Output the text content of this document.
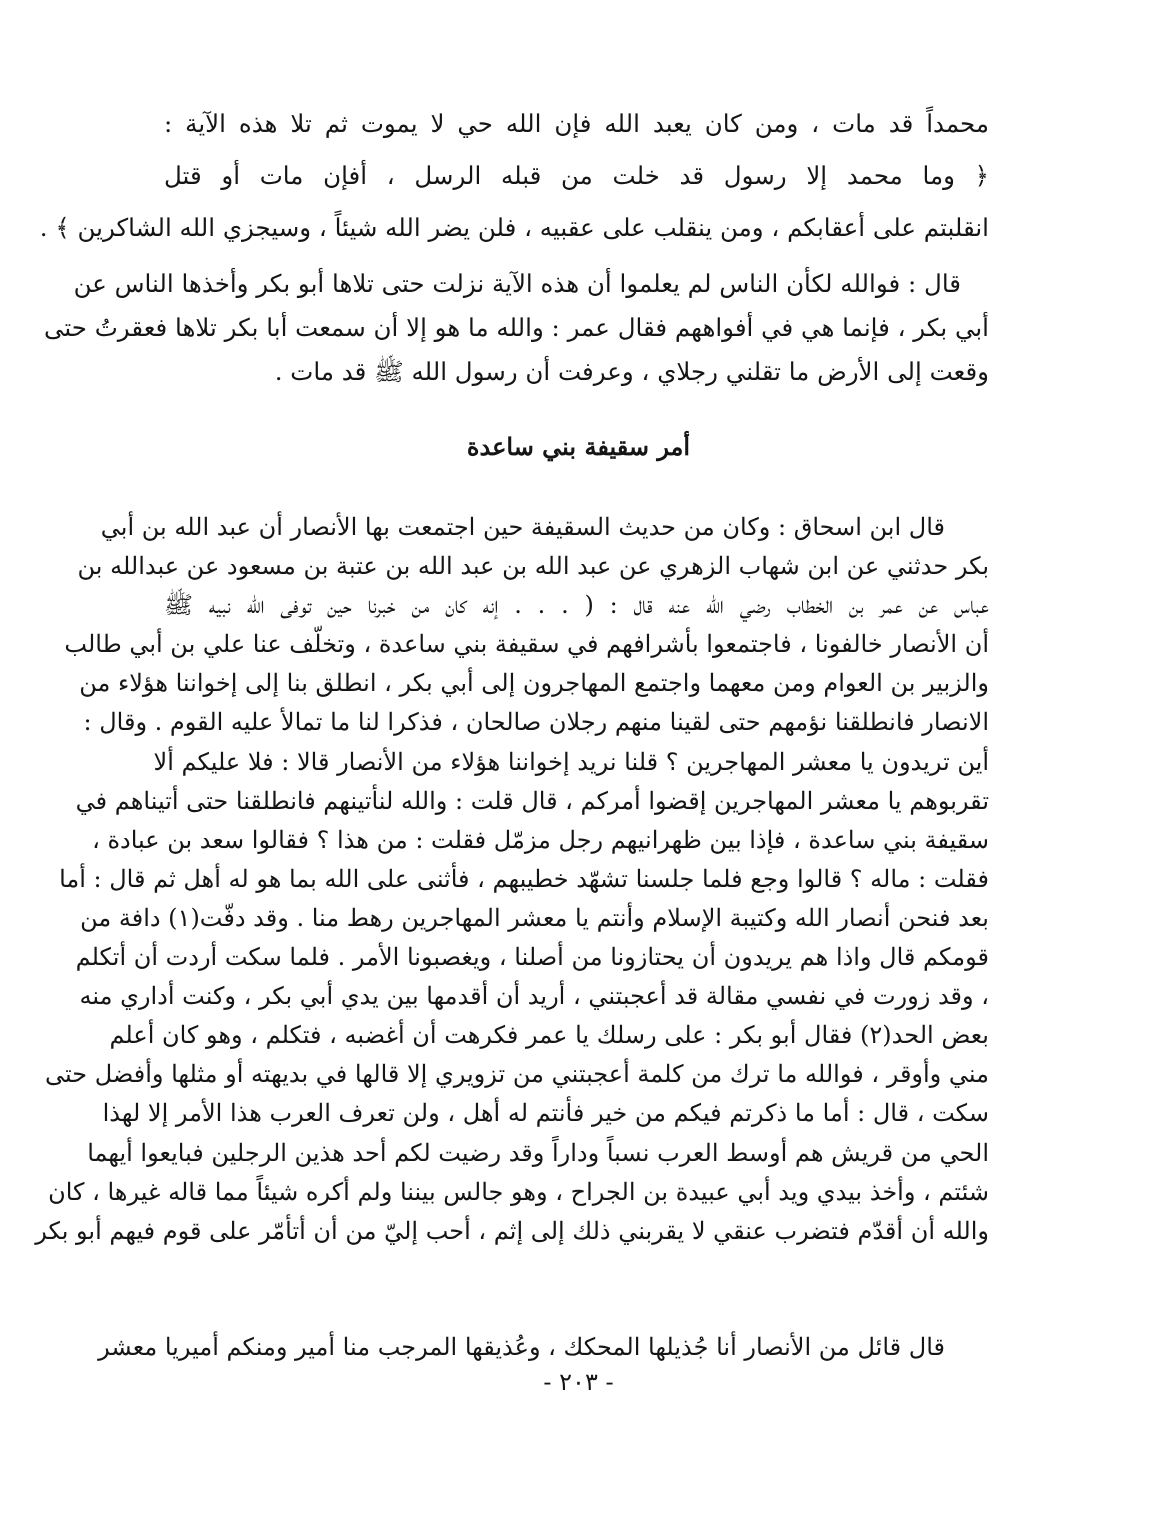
محمداً قد مات ، ومن كان يعبد الله فإن الله حي لا يموت ثم تلا هذه الآية :
﴿ وما محمد إلا رسول قد خلت من قبله الرسل ، أفإن مات أو قتل
انقلبتم على أعقابكم ، ومن ينقلب على عقبيه ، فلن يضر الله شيئاً ، وسيجزي الله الشاكرين ﴾ .
قال : فوالله لكأن الناس لم يعلموا أن هذه الآية نزلت حتى تلاها أبو بكر وأخذها الناس عن
أبي بكر ، فإنما هي في أفواههم فقال عمر : والله ما هو إلا أن سمعت أبا بكر تلاها فعقرتُ حتى
وقعت إلى الأرض ما تقلني رجلاي ، وعرفت أن رسول الله ﷺ قد مات .
أمر سقيفة بني ساعدة
قال ابن اسحاق : وكان من حديث السقيفة حين اجتمعت بها الأنصار أن عبد الله بن أبي
بكر حدثني عن ابن شهاب الزهري عن عبد الله بن عبد الله بن عتبة بن مسعود عن عبدالله بن
عباس عن عمر بن الخطاب رضي الله عنه قال : ( . . . إنه كان من خبرنا حين توفى الله نبيه ﷺ
أن الأنصار خالفونا ، فاجتمعوا بأشرافهم في سقيفة بني ساعدة ، وتخلّف عنا علي بن أبي طالب
والزبير بن العوام ومن معهما واجتمع المهاجرون إلى أبي بكر ، انطلق بنا إلى إخواننا هؤلاء من
الانصار فانطلقنا نؤمهم حتى لقينا منهم رجلان صالحان ، فذكرا لنا ما تمالأ عليه القوم . وقال :
أين تريدون يا معشر المهاجرين ؟ قلنا نريد إخواننا هؤلاء من الأنصار قالا : فلا عليكم ألا
تقربوهم يا معشر المهاجرين إقضوا أمركم ، قال قلت : والله لنأتينهم فانطلقنا حتى أتيناهم في
سقيفة بني ساعدة ، فإذا بين ظهرانيهم رجل مزمّل فقلت : من هذا ؟ فقالوا سعد بن عبادة ،
فقلت : ماله ؟ قالوا وجع فلما جلسنا تشهّد خطيبهم ، فأثنى على الله بما هو له أهل ثم قال : أما
بعد فنحن أنصار الله وكتيبة الإسلام وأنتم يا معشر المهاجرين رهط منا . وقد دفّت(١) دافة من
قومكم قال واذا هم يريدون أن يحتازونا من أصلنا ، ويغصبونا الأمر . فلما سكت أردت أن أتكلم
، وقد زورت في نفسي مقالة قد أعجبتني ، أريد أن أقدمها بين يدي أبي بكر ، وكنت أداري منه
بعض الحد(٢) فقال أبو بكر : على رسلك يا عمر فكرهت أن أغضبه ، فتكلم ، وهو كان أعلم
مني وأوقر ، فوالله ما ترك من كلمة أعجبتني من تزويري إلا قالها في بديهته أو مثلها وأفضل حتى
سكت ، قال : أما ما ذكرتم فيكم من خير فأنتم له أهل ، ولن تعرف العرب هذا الأمر إلا لهذا
الحي من قريش هم أوسط العرب نسباً وداراً وقد رضيت لكم أحد هذين الرجلين فبايعوا أيهما
شئتم ، وأخذ بيدي ويد أبي عبيدة بن الجراح ، وهو جالس بيننا ولم أكره شيئاً مما قاله غيرها ، كان
والله أن أقدّم فتضرب عنقي لا يقربني ذلك إلى إثم ، أحب إليّ من أن أتأمّر على قوم فيهم أبو بكر
قال قائل من الأنصار أنا جُذيلها المحكك ، وعُذيقها المرجب منا أمير ومنكم أميريا معشر
- ٢٠٣ -
